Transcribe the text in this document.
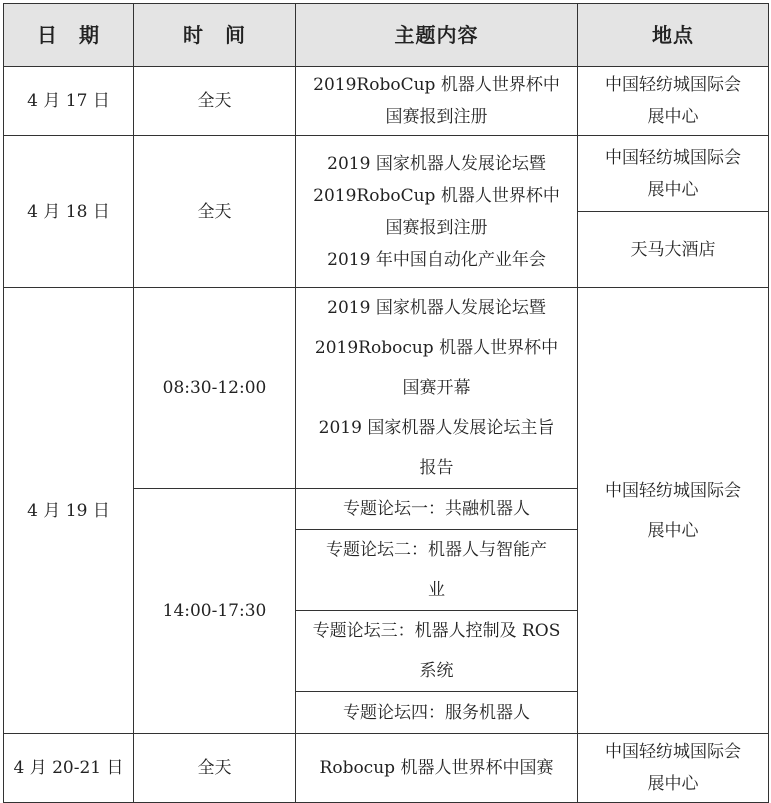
日　期	时　间	主题内容	地点
4 月 17 日	全天	2019RoboCup 机器人世界杯中
国赛报到注册	中国轻纺城国际会
展中心

4 月 18 日	全天	2019 国家机器人发展论坛暨
2019RoboCup 机器人世界杯中
国赛报到注册
2019 年中国自动化产业年会	中国轻纺城国际会
展中心

			天马大酒店
4 月 19 日	08:30-12:00	2019 国家机器人发展论坛暨
2019Robocup 机器人世界杯中
国赛开幕
2019 国家机器人发展论坛主旨
报告	中国轻纺城国际会
展中心

	14:00-17:30	专题论坛一：共融机器人	

		专题论坛二：机器人与智能产
业	

		专题论坛三：机器人控制及 ROS
系统	

		专题论坛四：服务机器人	
4 月 20-21 日	全天	Robocup 机器人世界杯中国赛	中国轻纺城国际会
展中心
